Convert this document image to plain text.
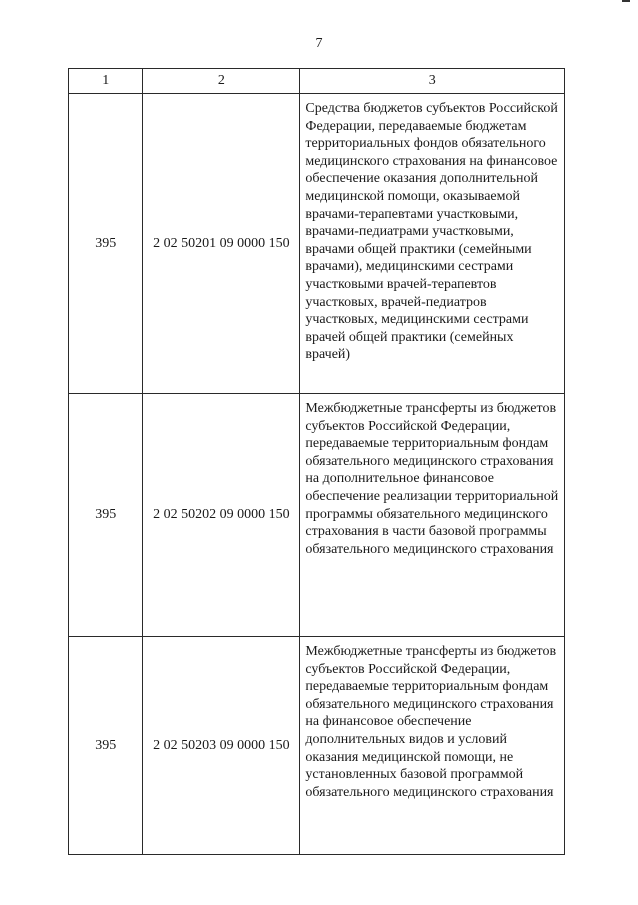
7
1	2	3
395	2 02 50201 09 0000 150	Средства бюджетов субъектов Российской Федерации, передаваемые бюджетам территориальных фондов обязательного медицинского страхования на финансовое обеспечение оказания дополнительной медицинской помощи, оказываемой врачами-терапевтами участковыми, врачами-педиатрами участковыми, врачами общей практики (семейными врачами), медицинскими сестрами участковыми врачей-терапевтов участковых, врачей-педиатров участковых, медицинскими сестрами врачей общей практики (семейных врачей)
395	2 02 50202 09 0000 150	Межбюджетные трансферты из бюджетов субъектов Российской Федерации, передаваемые территориальным фондам обязательного медицинского страхования на дополнительное финансовое обеспечение реализации территориальной программы обязательного медицинского страхования в части базовой программы обязательного медицинского страхования
395	2 02 50203 09 0000 150	Межбюджетные трансферты из бюджетов субъектов Российской Федерации, передаваемые территориальным фондам обязательного медицинского страхования на финансовое обеспечение дополнительных видов и условий оказания медицинской помощи, не установленных базовой программой обязательного медицинского страхования
